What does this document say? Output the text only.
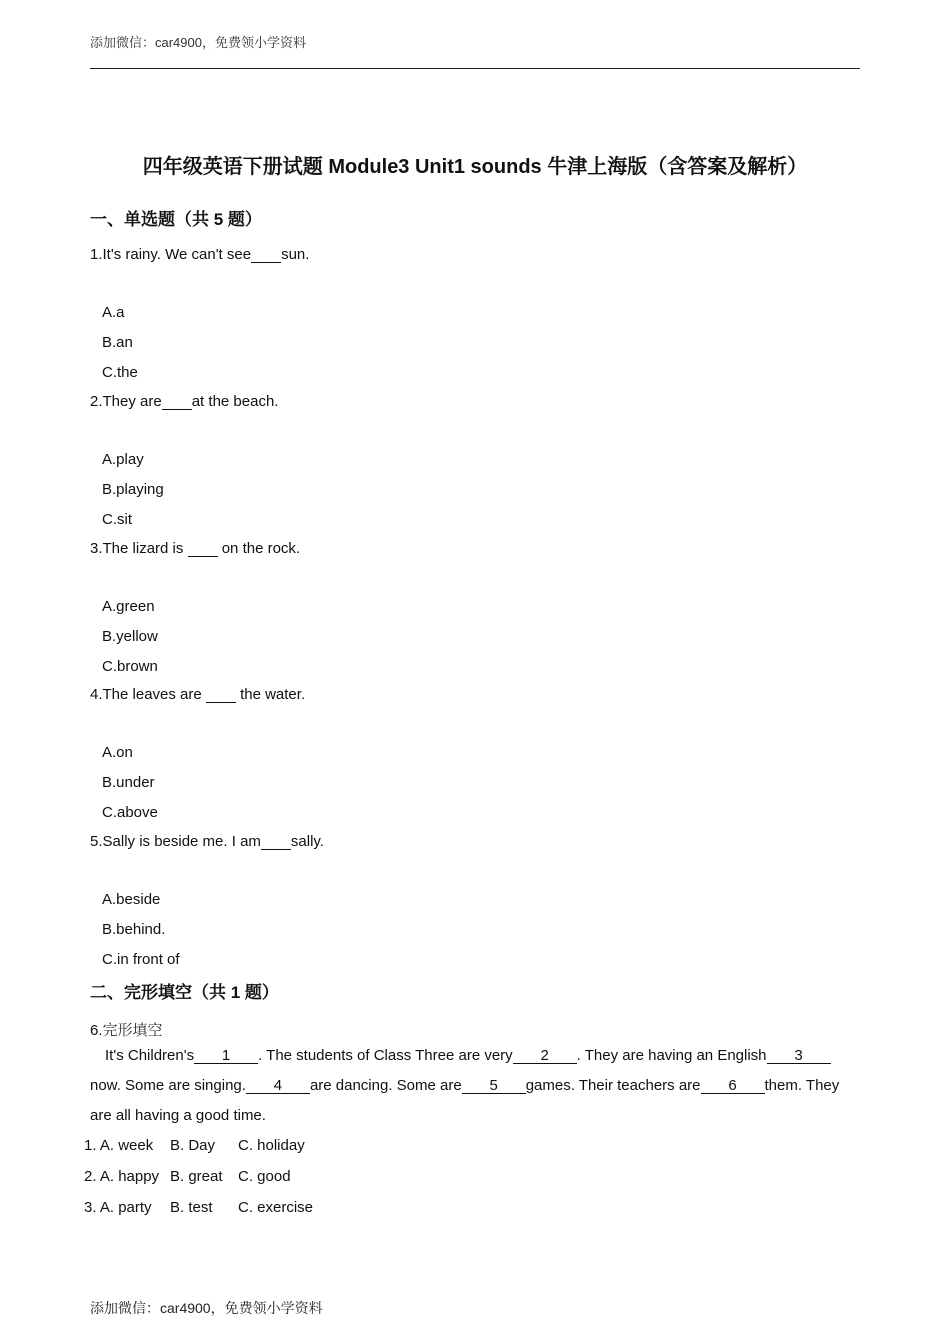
添加微信：car4900，免费领小学资料
四年级英语下册试题 Module3 Unit1 sounds 牛津上海版（含答案及解析）
一、单选题（共 5 题）
1.It's rainy. We can't see sun.
A.a
B.an
C.the
2.They are at the beach.
A.play
B.playing
C.sit
3.The lizard is   on the rock.
A.green
B.yellow
C.brown
4.The leaves are   the water.
A.on
B.under
C.above
5.Sally is beside me. I am sally.
A.beside
B.behind.
C.in front of
二、完形填空（共 1 题）
6.完形填空
It's Children's 1 . The students of Class Three are very 2 . They are having an English 3 now. Some are singing. 4 are dancing. Some are 5 games. Their teachers are 6 them. They are all having a good time.
1. A. week B. Day C. holiday
2. A. happy B. great C. good
3. A. party B. test C. exercise
添加微信：car4900，免费领小学资料
